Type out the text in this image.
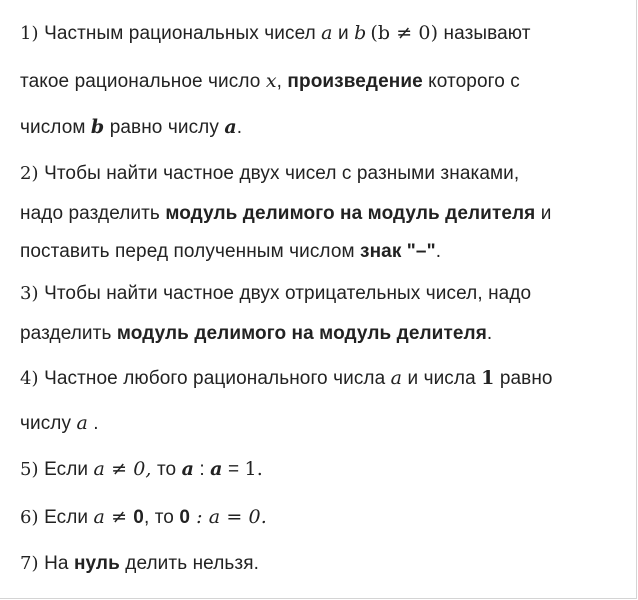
1) Частным рациональных чисел a и b (b ≠ 0) называют
такое рациональное число x, произведение которого с
числом b равно числу a.
2) Чтобы найти частное двух чисел с разными знаками,
надо разделить модуль делимого на модуль делителя и
поставить перед полученным числом знак "–".
3) Чтобы найти частное двух отрицательных чисел, надо
разделить модуль делимого на модуль делителя.
4) Частное любого рационального числа a и числа 1 равно
числу a .
5) Если a ≠ 0, то a : a = 1.
6) Если a ≠ 0, то 0 : a = 0.
7) На нуль делить нельзя.
